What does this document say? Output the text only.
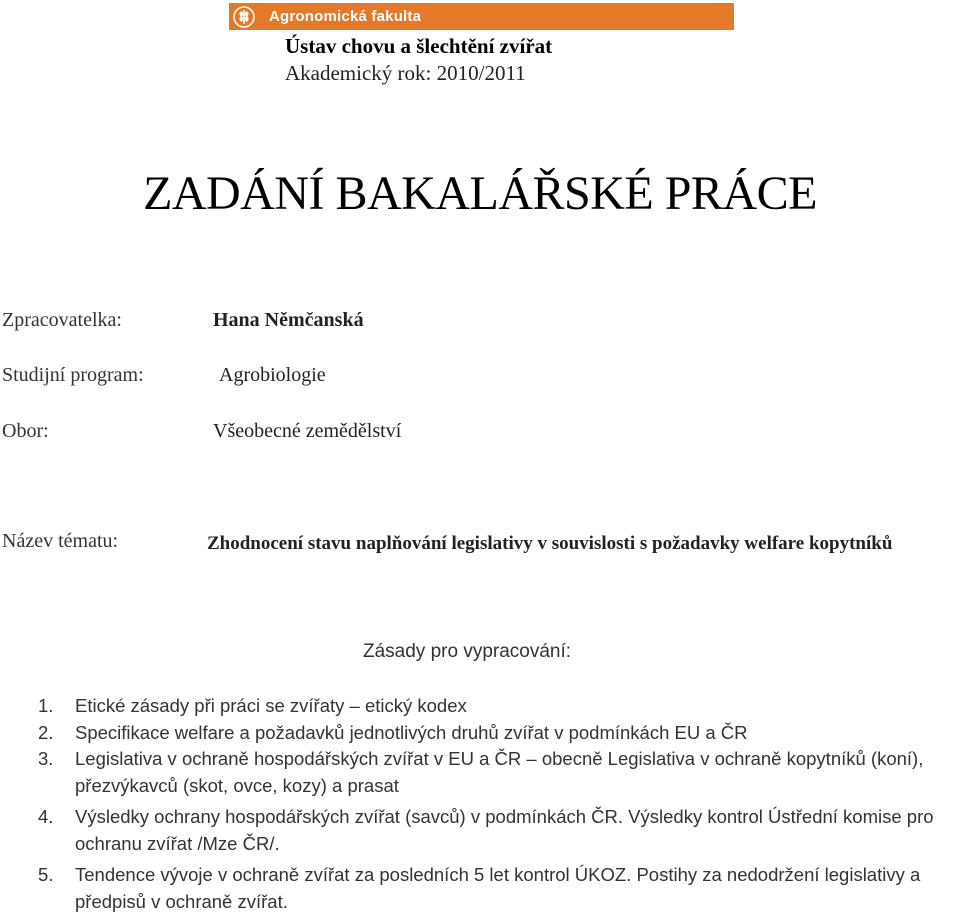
Agronomická fakulta
Ústav chovu a šlechtění zvířat
Akademický rok: 2010/2011
ZADÁNÍ BAKALÁŘSKÉ PRÁCE
Zpracovatelka:	Hana Němčanská
Studijní program:	Agrobiologie
Obor:	Všeobecné zemědělství
Název tématu:	Zhodnocení stavu naplňování legislativy v souvislosti s požadavky welfare kopytníků
Zásady pro vypracování:
1. Etické zásady při práci se zvířaty – etický kodex
2. Specifikace welfare a požadavků jednotlivých druhů zvířat v podmínkách EU a ČR
3. Legislativa v ochraně hospodářských zvířat v EU a ČR – obecně Legislativa v ochraně kopytníků (koní), přezvýkavců (skot, ovce, kozy) a prasat
4. Výsledky ochrany hospodářských zvířat (savců) v podmínkách ČR. Výsledky kontrol Ústřední komise pro ochranu zvířat /Mze ČR/.
5. Tendence vývoje v ochraně zvířat za posledních 5 let kontrol ÚKOZ. Postihy za nedodržení legislativy a předpisů v ochraně zvířat.
